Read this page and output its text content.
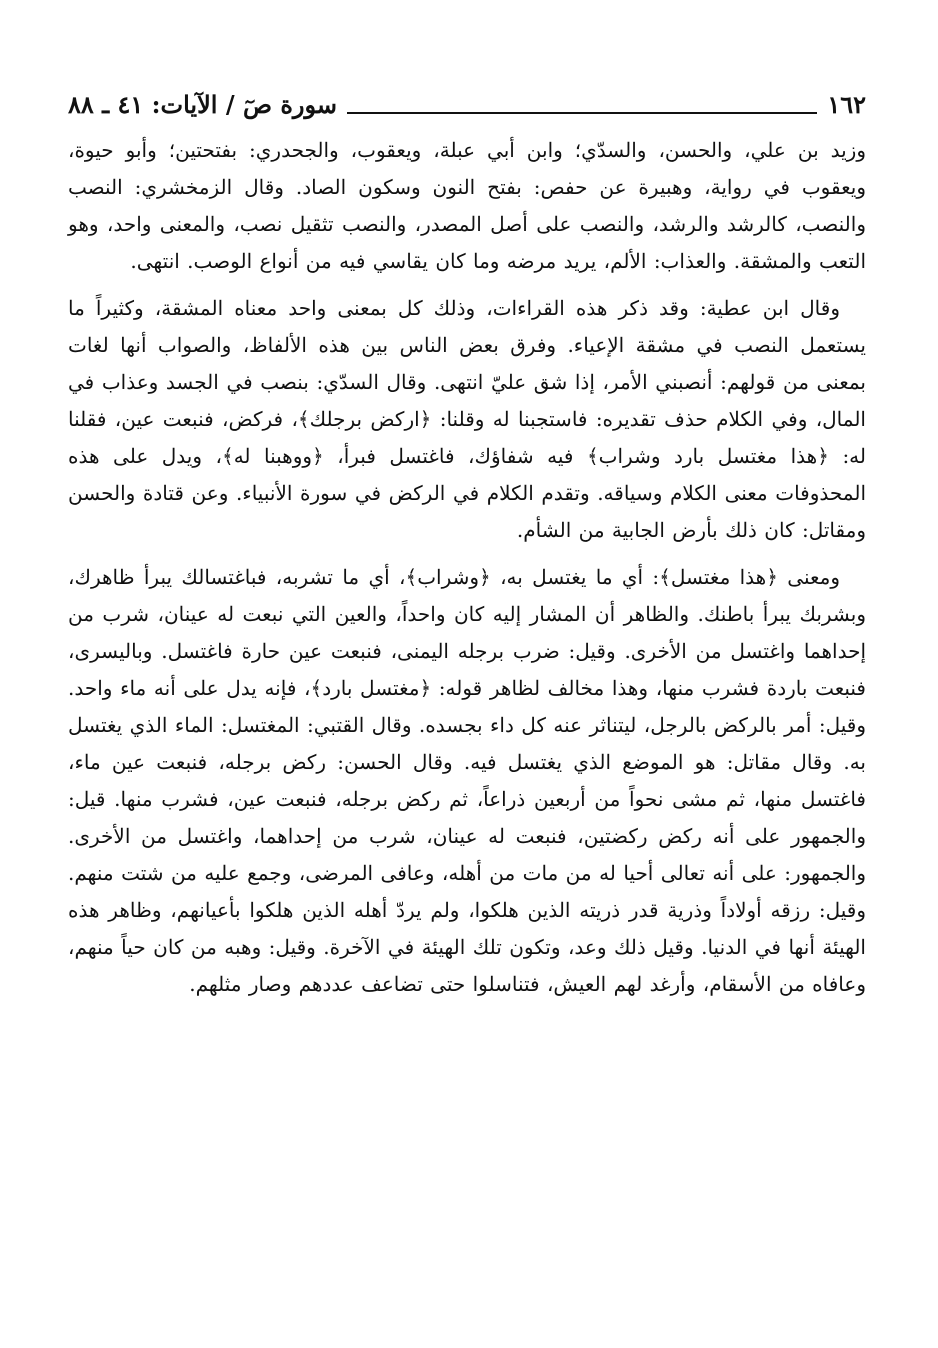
١٦٢
سورة صٓ / الآيات: ٤١ ـ ٨٨

وزيد بن علي، والحسن، والسدّي؛ وابن أبي عبلة، ويعقوب، والجحدري: بفتحتين؛ وأبو حيوة، ويعقوب في رواية، وهبيرة عن حفص: بفتح النون وسكون الصاد. وقال الزمخشري: النصب والنصب، كالرشد والرشد، والنصب على أصل المصدر، والنصب تثقيل نصب، والمعنى واحد، وهو التعب والمشقة. والعذاب: الألم، يريد مرضه وما كان يقاسي فيه من أنواع الوصب. انتهى.

وقال ابن عطية: وقد ذكر هذه القراءات، وذلك كل بمعنى واحد معناه المشقة، وكثيراً ما يستعمل النصب في مشقة الإعياء. وفرق بعض الناس بين هذه الألفاظ، والصواب أنها لغات بمعنى من قولهم: أنصبني الأمر، إذا شق عليّ انتهى. وقال السدّي: بنصب في الجسد وعذاب في المال، وفي الكلام حذف تقديره: فاستجبنا له وقلنا: ﴿اركض برجلك﴾، فركض، فنبعت عين، فقلنا له: ﴿هذا مغتسل بارد وشراب﴾ فيه شفاؤك، فاغتسل فبرأ، ﴿ووهبنا له﴾، ويدل على هذه المحذوفات معنى الكلام وسياقه. وتقدم الكلام في الركض في سورة الأنبياء. وعن قتادة والحسن ومقاتل: كان ذلك بأرض الجابية من الشأم.

ومعنى ﴿هذا مغتسل﴾: أي ما يغتسل به، ﴿وشراب﴾، أي ما تشربه، فباغتسالك يبرأ ظاهرك، وبشربك يبرأ باطنك. والظاهر أن المشار إليه كان واحداً، والعين التي نبعت له عينان، شرب من إحداهما واغتسل من الأخرى. وقيل: ضرب برجله اليمنى، فنبعت عين حارة فاغتسل. وباليسرى، فنبعت باردة فشرب منها، وهذا مخالف لظاهر قوله: ﴿مغتسل بارد﴾، فإنه يدل على أنه ماء واحد. وقيل: أمر بالركض بالرجل، ليتناثر عنه كل داء بجسده. وقال القتبي: المغتسل: الماء الذي يغتسل به. وقال مقاتل: هو الموضع الذي يغتسل فيه. وقال الحسن: ركض برجله، فنبعت عين ماء، فاغتسل منها، ثم مشى نحواً من أربعين ذراعاً، ثم ركض برجله، فنبعت عين، فشرب منها. قيل: والجمهور على أنه ركض ركضتين، فنبعت له عينان، شرب من إحداهما، واغتسل من الأخرى. والجمهور: على أنه تعالى أحيا له من مات من أهله، وعافى المرضى، وجمع عليه من شتت منهم. وقيل: رزقه أولاداً وذرية قدر ذريته الذين هلكوا، ولم يردّ أهله الذين هلكوا بأعيانهم، وظاهر هذه الهيئة أنها في الدنيا. وقيل ذلك وعد، وتكون تلك الهيئة في الآخرة. وقيل: وهبه من كان حياً منهم، وعافاه من الأسقام، وأرغد لهم العيش، فتناسلوا حتى تضاعف عددهم وصار مثلهم.
